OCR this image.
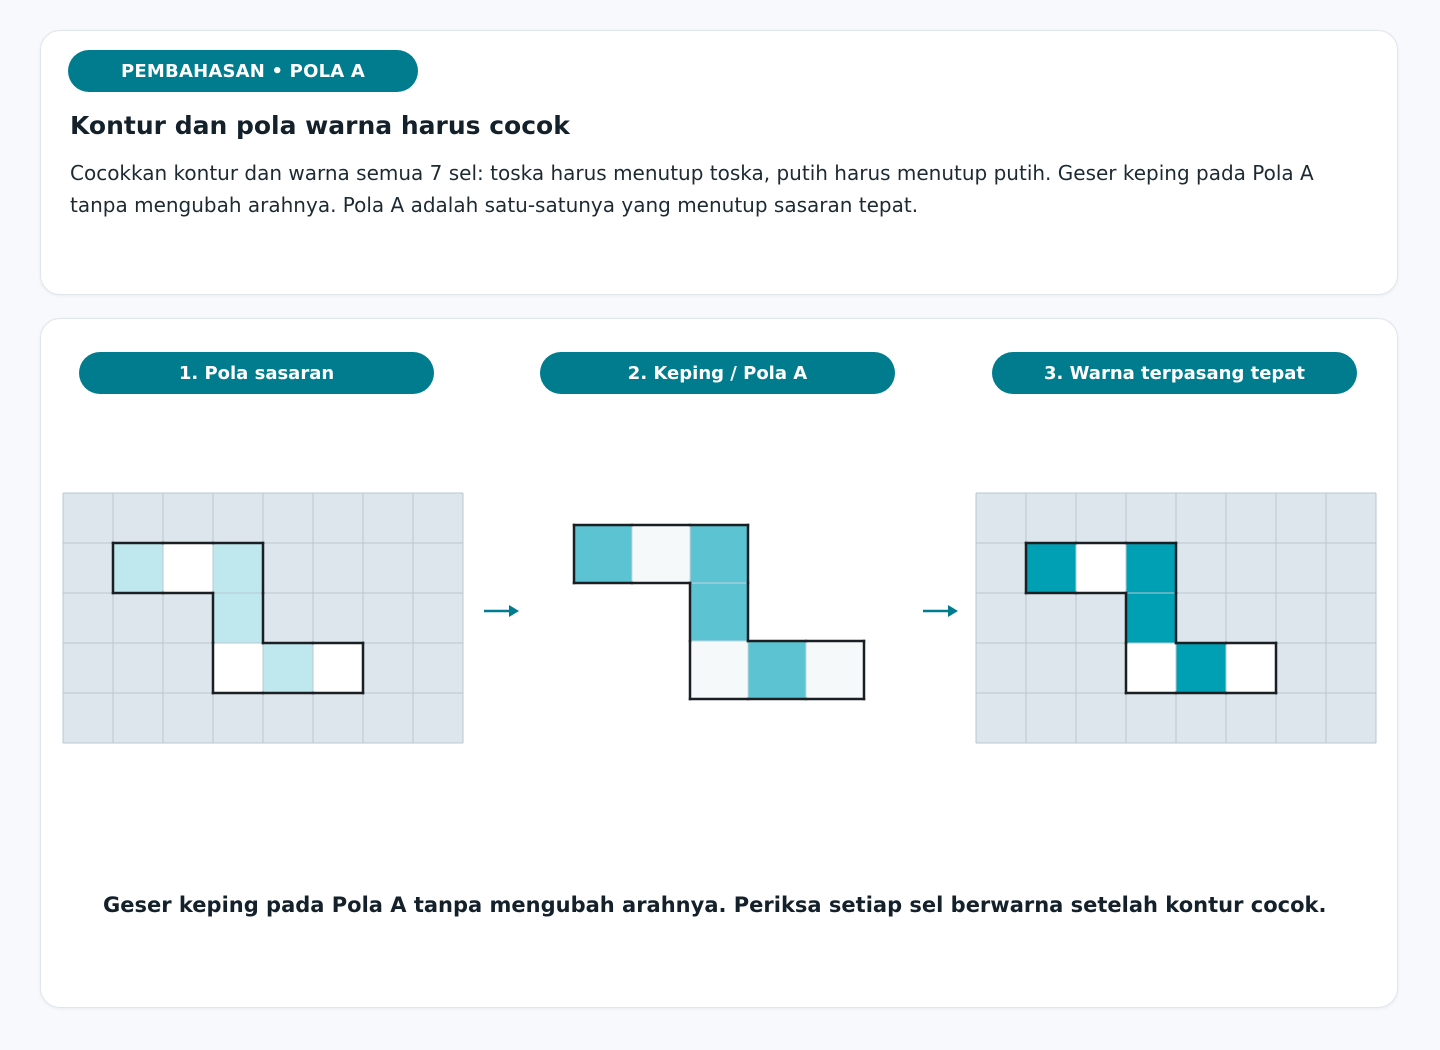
PEMBAHASAN • POLA A
Kontur dan pola warna harus cocok

Cocokkan kontur dan warna semua 7 sel: toska harus menutup toska, putih harus menutup putih. Geser keping pada Pola A tanpa mengubah arahnya. Pola A adalah satu-satunya yang menutup sasaran tepat.

1. Pola sasaran	2. Keping / Pola A	3. Warna terpasang tepat

Geser keping pada Pola A tanpa mengubah arahnya. Periksa setiap sel berwarna setelah kontur cocok.
